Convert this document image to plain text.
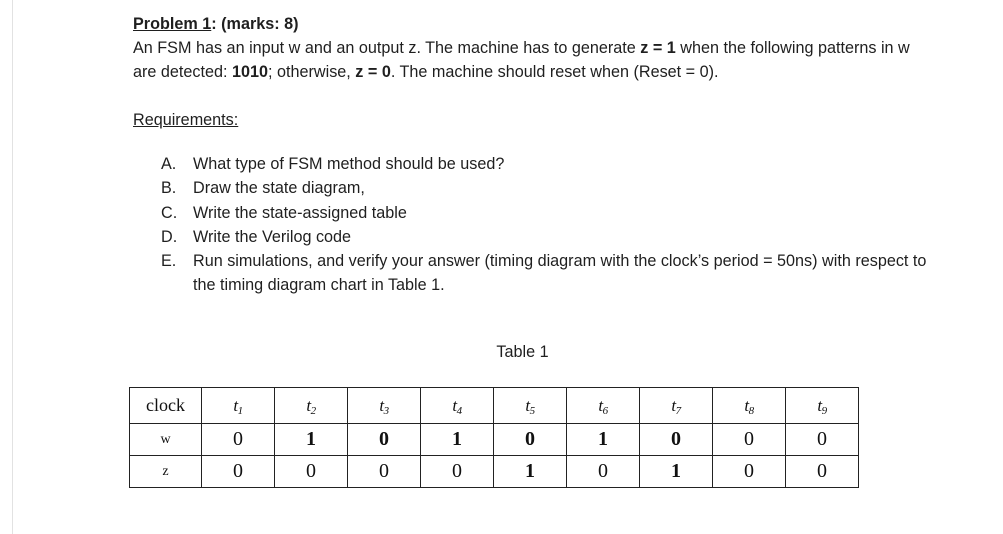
Problem 1: (marks: 8)

An FSM has an input w and an output z. The machine has to generate z = 1 when the following patterns in w are detected: 1010; otherwise, z = 0. The machine should reset when (Reset = 0).

Requirements:

A.	What type of FSM method should be used?
B.	Draw the state diagram,
C. Write the state-assigned table
D. Write the Verilog code
E.	Run simulations, and verify your answer (timing diagram with the clock’s period = 50ns) with respect to the timing diagram chart in Table 1.
Table 1
clock	$t_1$	$t_2$	$t_3$	$t_4$	$t_5$	$t_6$	$t_7$	$t_8$	$t_9$
w	0	1	0	1	0	1	0	0	0
z	0	0	0	0	1	0	1	0	0
